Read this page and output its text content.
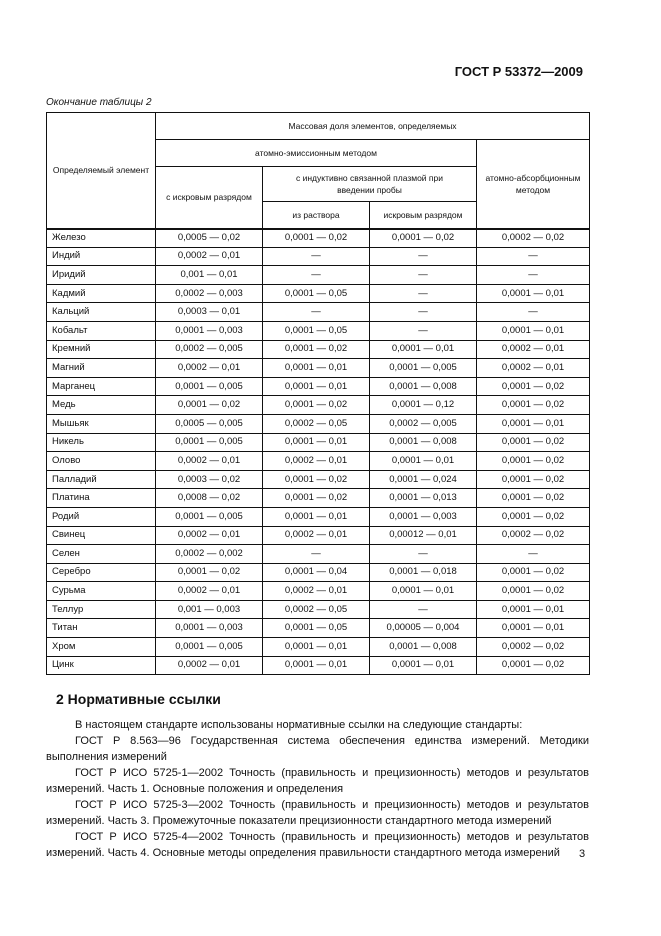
ГОСТ Р 53372—2009
Окончание таблицы 2
Определяемый элемент	Массовая доля элементов, определяемых			
	атомно-эмиссионным методом			атомно-абсорбционным методом
	с искровым разрядом	с индуктивно связанной плазмой при введении пробы		
		из раствора	искровым разрядом	
Железо	0,0005 — 0,02	0,0001 — 0,02	0,0001 — 0,02	0,0002 — 0,02
Индий	0,0002 — 0,01	—	—	—
Иридий	0,001 — 0,01	—	—	—
Кадмий	0,0002 — 0,003	0,0001 — 0,05	—	0,0001 — 0,01
Кальций	0,0003 — 0,01	—	—	—
Кобальт	0,0001 — 0,003	0,0001 — 0,05	—	0,0001 — 0,01
Кремний	0,0002 — 0,005	0,0001 — 0,02	0,0001 — 0,01	0,0002 — 0,01
Магний	0,0002 — 0,01	0,0001 — 0,01	0,0001 — 0,005	0,0002 — 0,01
Марганец	0,0001 — 0,005	0,0001 — 0,01	0,0001 — 0,008	0,0001 — 0,02
Медь	0,0001 — 0,02	0,0001 — 0,02	0,0001 — 0,12	0,0001 — 0,02
Мышьяк	0,0005 — 0,005	0,0002 — 0,05	0,0002 — 0,005	0,0001 — 0,01
Никель	0,0001 — 0,005	0,0001 — 0,01	0,0001 — 0,008	0,0001 — 0,02
Олово	0,0002 — 0,01	0,0002 — 0,01	0,0001 — 0,01	0,0001 — 0,02
Палладий	0,0003 — 0,02	0,0001 — 0,02	0,0001 — 0,024	0,0001 — 0,02
Платина	0,0008 — 0,02	0,0001 — 0,02	0,0001 — 0,013	0,0001 — 0,02
Родий	0,0001 — 0,005	0,0001 — 0,01	0,0001 — 0,003	0,0001 — 0,02
Свинец	0,0002 — 0,01	0,0002 — 0,01	0,00012 — 0,01	0,0002 — 0,02
Селен	0,0002 — 0,002	—	—	—
Серебро	0,0001 — 0,02	0,0001 — 0,04	0,0001 — 0,018	0,0001 — 0,02
Сурьма	0,0002 — 0,01	0,0002 — 0,01	0,0001 — 0,01	0,0001 — 0,02
Теллур	0,001 — 0,003	0,0002 — 0,05	—	0,0001 — 0,01
Титан	0,0001 — 0,003	0,0001 — 0,05	0,00005 — 0,004	0,0001 — 0,01
Хром	0,0001 — 0,005	0,0001 — 0,01	0,0001 — 0,008	0,0002 — 0,02
Цинк	0,0002 — 0,01	0,0001 — 0,01	0,0001 — 0,01	0,0001 — 0,02
2 Нормативные ссылки

В настоящем стандарте использованы нормативные ссылки на следующие стандарты:

ГОСТ Р 8.563—96 Государственная система обеспечения единства измерений. Методики выполнения измерений

ГОСТ Р ИСО 5725-1—2002 Точность (правильность и прецизионность) методов и результатов измерений. Часть 1. Основные положения и определения

ГОСТ Р ИСО 5725-3—2002 Точность (правильность и прецизионность) методов и результатов измерений. Часть 3. Промежуточные показатели прецизионности стандартного метода измерений

ГОСТ Р ИСО 5725-4—2002 Точность (правильность и прецизионность) методов и результатов измерений. Часть 4. Основные методы определения правильности стандартного метода измерений	3
